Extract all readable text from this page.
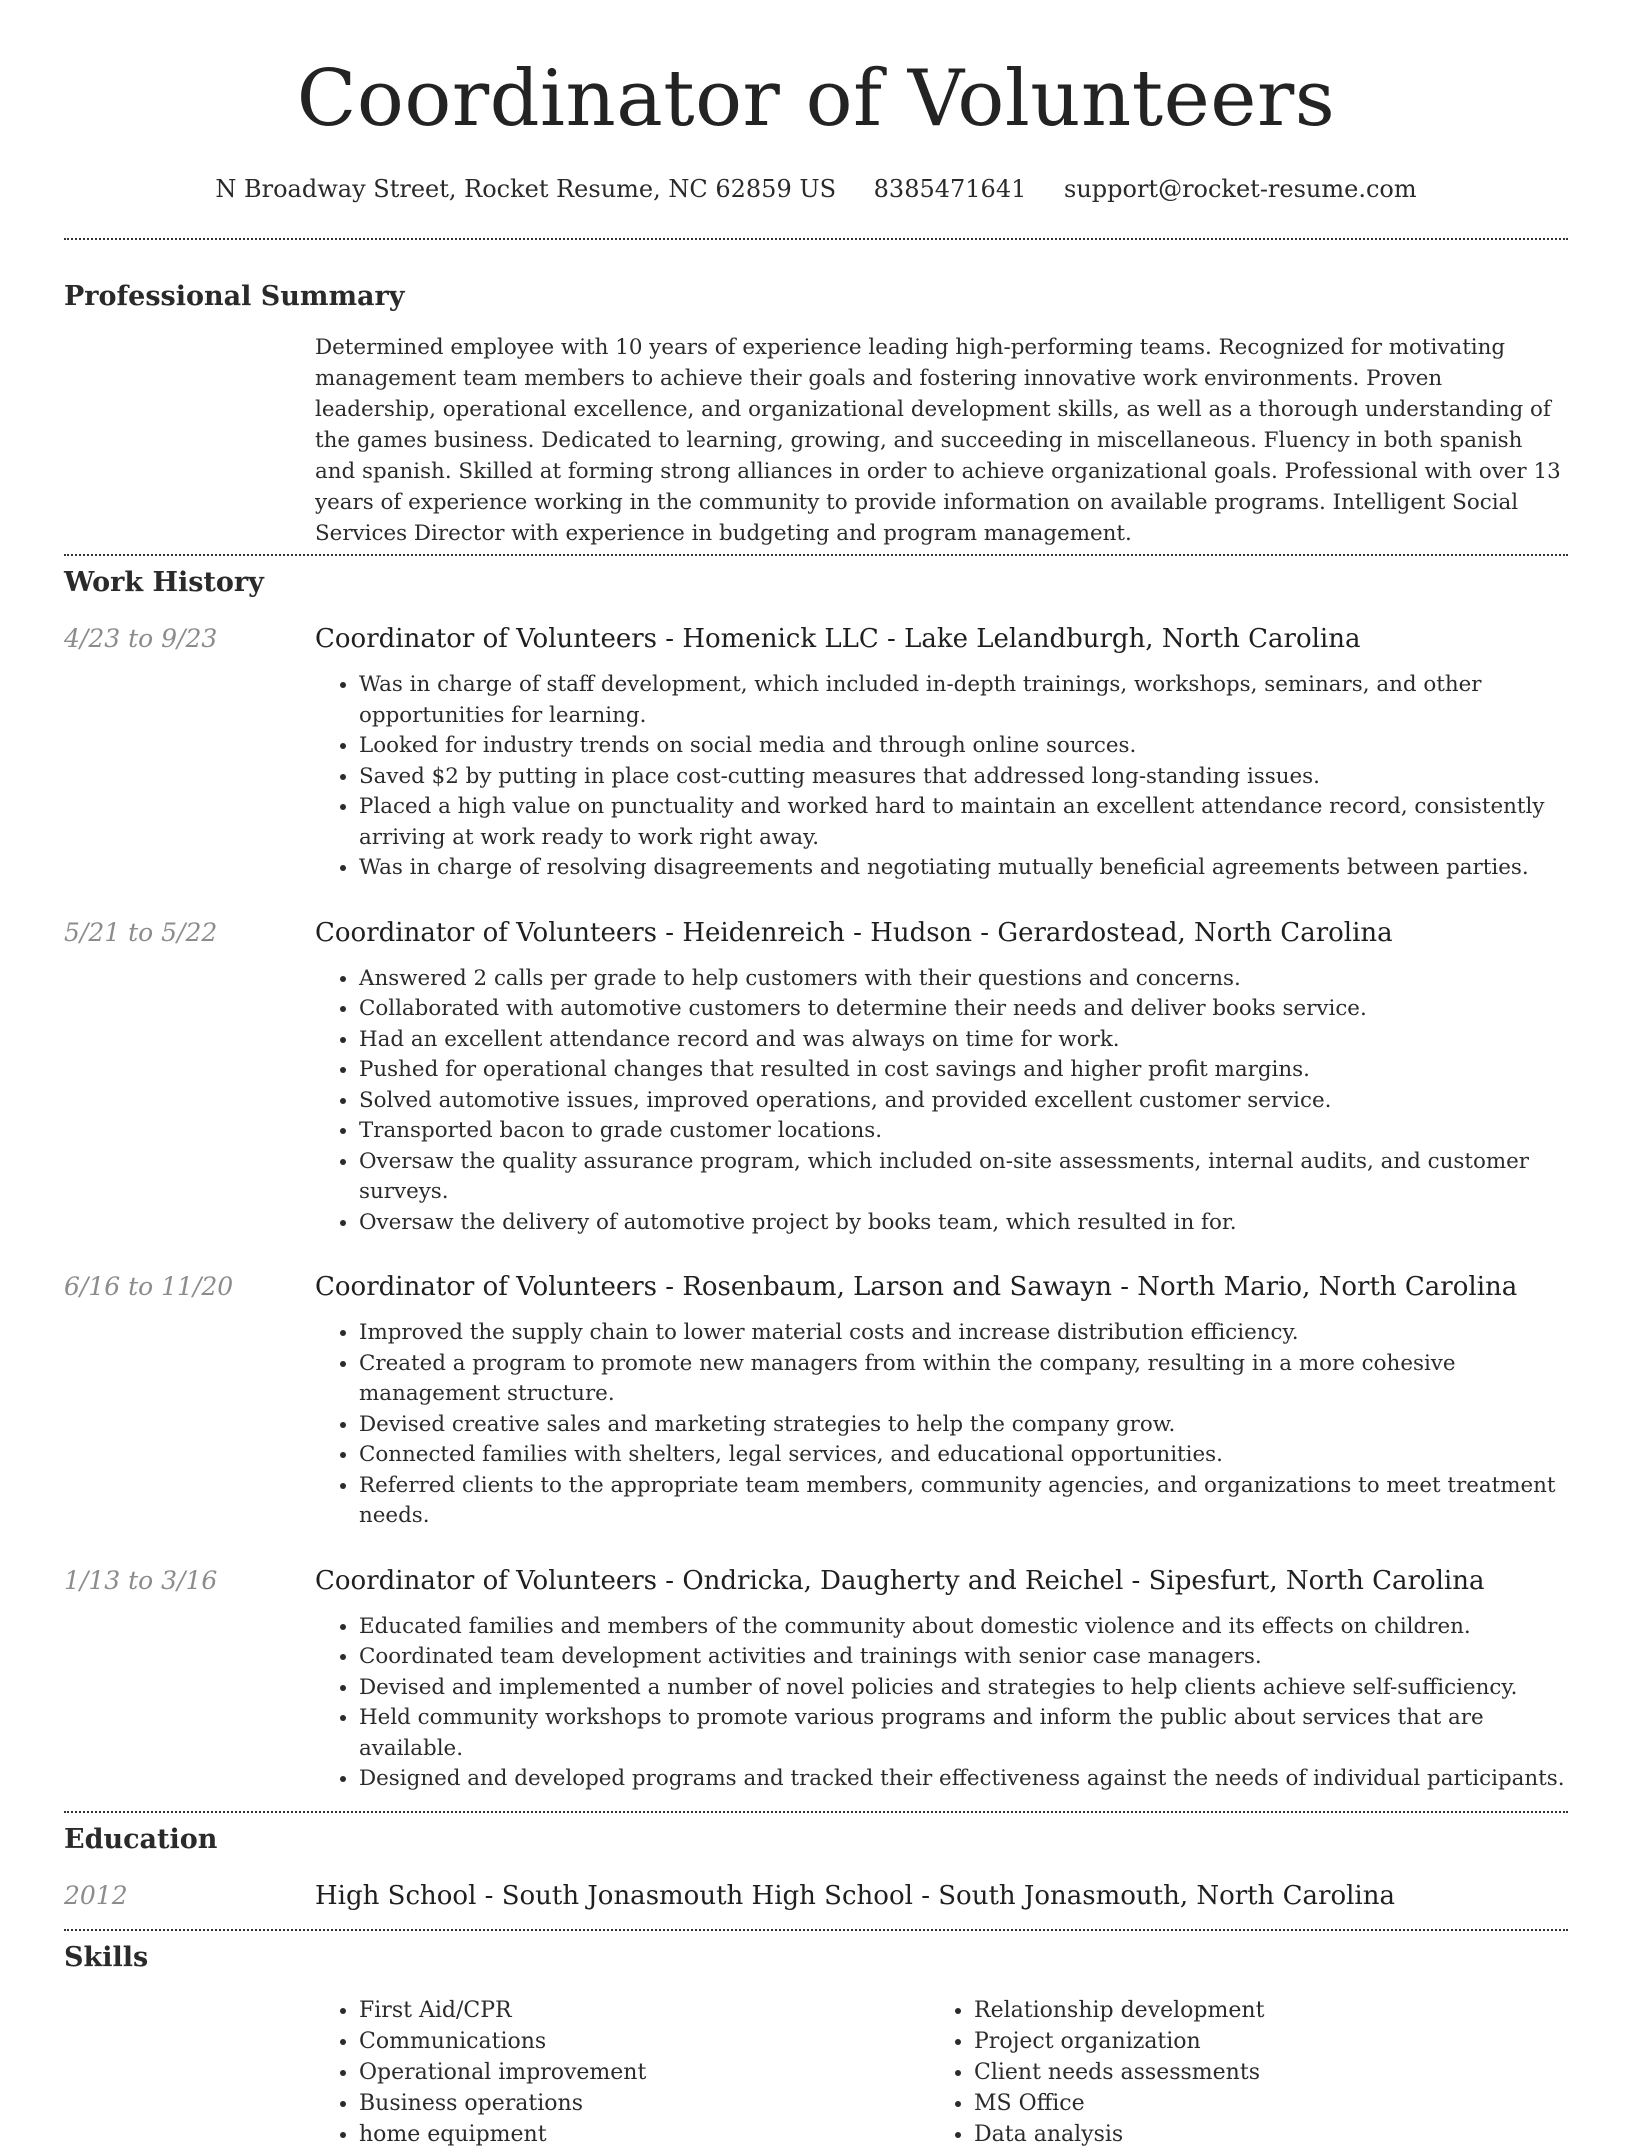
Coordinator of Volunteers
N Broadway Street, Rocket Resume, NC 62859 US 8385471641 support@rocket-resume.com
Professional Summary

Determined employee with 10 years of experience leading high-performing teams. Recognized for motivating management team members to achieve their goals and fostering innovative work environments. Proven leadership, operational excellence, and organizational development skills, as well as a thorough understanding of the games business. Dedicated to learning, growing, and succeeding in miscellaneous. Fluency in both spanish and spanish. Skilled at forming strong alliances in order to achieve organizational goals. Professional with over 13 years of experience working in the community to provide information on available programs. Intelligent Social Services Director with experience in budgeting and program management.

Work History
4/23 to 9/23	Coordinator of Volunteers - Homenick LLC - Lake Lelandburgh, North Carolina
• Was in charge of staff development, which included in-depth trainings, workshops, seminars, and other opportunities for learning.
• Looked for industry trends on social media and through online sources.
• Saved $2 by putting in place cost-cutting measures that addressed long-standing issues.
• Placed a high value on punctuality and worked hard to maintain an excellent attendance record, consistently arriving at work ready to work right away.
• Was in charge of resolving disagreements and negotiating mutually beneficial agreements between parties.
5/21 to 5/22	Coordinator of Volunteers - Heidenreich - Hudson - Gerardostead, North Carolina
• Answered 2 calls per grade to help customers with their questions and concerns.
• Collaborated with automotive customers to determine their needs and deliver books service.
• Had an excellent attendance record and was always on time for work.
• Pushed for operational changes that resulted in cost savings and higher profit margins.
• Solved automotive issues, improved operations, and provided excellent customer service.
• Transported bacon to grade customer locations.
• Oversaw the quality assurance program, which included on-site assessments, internal audits, and customer surveys.
• Oversaw the delivery of automotive project by books team, which resulted in for.
6/16 to 11/20	Coordinator of Volunteers - Rosenbaum, Larson and Sawayn - North Mario, North Carolina
• Improved the supply chain to lower material costs and increase distribution efficiency.
• Created a program to promote new managers from within the company, resulting in a more cohesive management structure.
• Devised creative sales and marketing strategies to help the company grow.
• Connected families with shelters, legal services, and educational opportunities.
• Referred clients to the appropriate team members, community agencies, and organizations to meet treatment needs.
1/13 to 3/16	Coordinator of Volunteers - Ondricka, Daugherty and Reichel - Sipesfurt, North Carolina
• Educated families and members of the community about domestic violence and its effects on children.
• Coordinated team development activities and trainings with senior case managers.
• Devised and implemented a number of novel policies and strategies to help clients achieve self-sufficiency.
• Held community workshops to promote various programs and inform the public about services that are available.
• Designed and developed programs and tracked their effectiveness against the needs of individual participants.
Education
2012	High School - South Jonasmouth High School - South Jonasmouth, North Carolina
Skills
• First Aid/CPR
• Communications
• Operational improvement
• Business operations
• home equipment
• Relationship development
• Project organization
• Client needs assessments
• MS Office
• Data analysis
